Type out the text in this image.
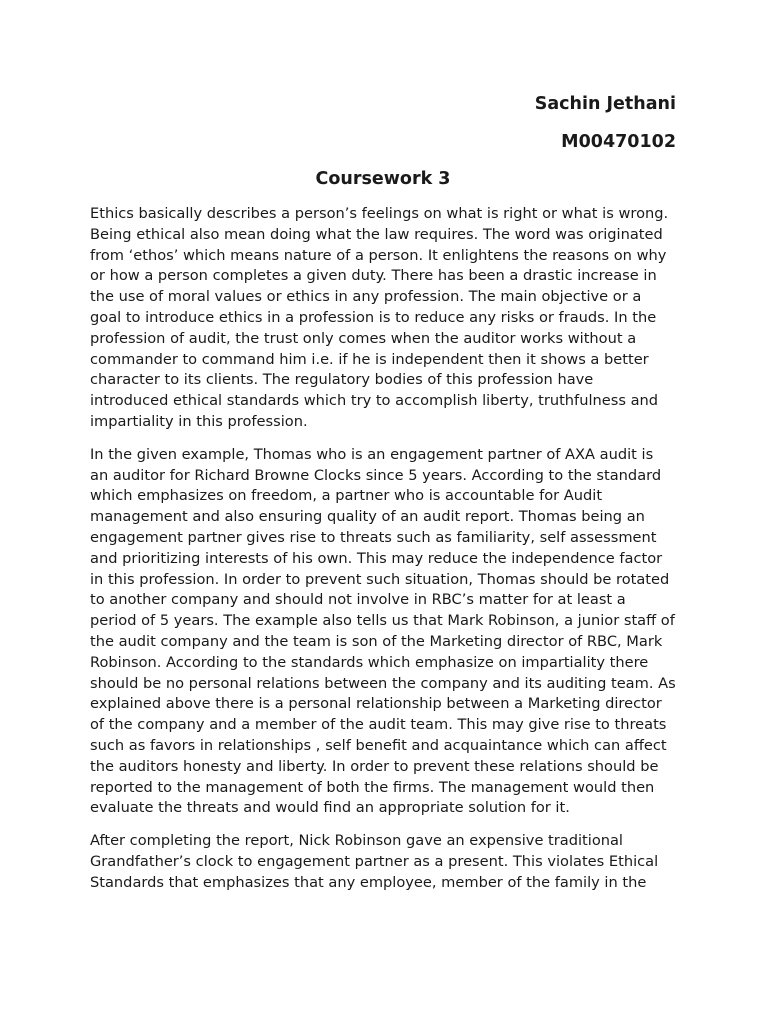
Sachin Jethani

M00470102

Coursework 3

Ethics basically describes a person’s feelings on what is right or what is wrong. Being ethical also mean doing what the law requires. The word was originated from ‘ethos’ which means nature of a person. It enlightens the reasons on why or how a person completes a given duty. There has been a drastic increase in the use of moral values or ethics in any profession. The main objective or a goal to introduce ethics in a profession is to reduce any risks or frauds. In the profession of audit, the trust only comes when the auditor works without a commander to command him i.e. if he is independent then it shows a better character to its clients. The regulatory bodies of this profession have introduced ethical standards which try to accomplish liberty, truthfulness and impartiality in this profession.

In the given example, Thomas who is an engagement partner of AXA audit is an auditor for Richard Browne Clocks since 5 years. According to the standard which emphasizes on freedom, a partner who is accountable for Audit management and also ensuring quality of an audit report. Thomas being an engagement partner gives rise to threats such as familiarity, self assessment and prioritizing interests of his own. This may reduce the independence factor in this profession. In order to prevent such situation, Thomas should be rotated to another company and should not involve in RBC’s matter for at least a period of 5 years. The example also tells us that Mark Robinson, a junior staff of the audit company and the team is son of the Marketing director of RBC, Mark Robinson. According to the standards which emphasize on impartiality there should be no personal relations between the company and its auditing team. As explained above there is a personal relationship between a Marketing director of the company and a member of the audit team. This may give rise to threats such as favors in relationships , self benefit and acquaintance which can affect the auditors honesty and liberty. In order to prevent these relations should be reported to the management of both the firms. The management would then evaluate the threats and would find an appropriate solution for it.

After completing the report, Nick Robinson gave an expensive traditional Grandfather’s clock to engagement partner as a present. This violates Ethical Standards that emphasizes that any employee, member of the family in the
